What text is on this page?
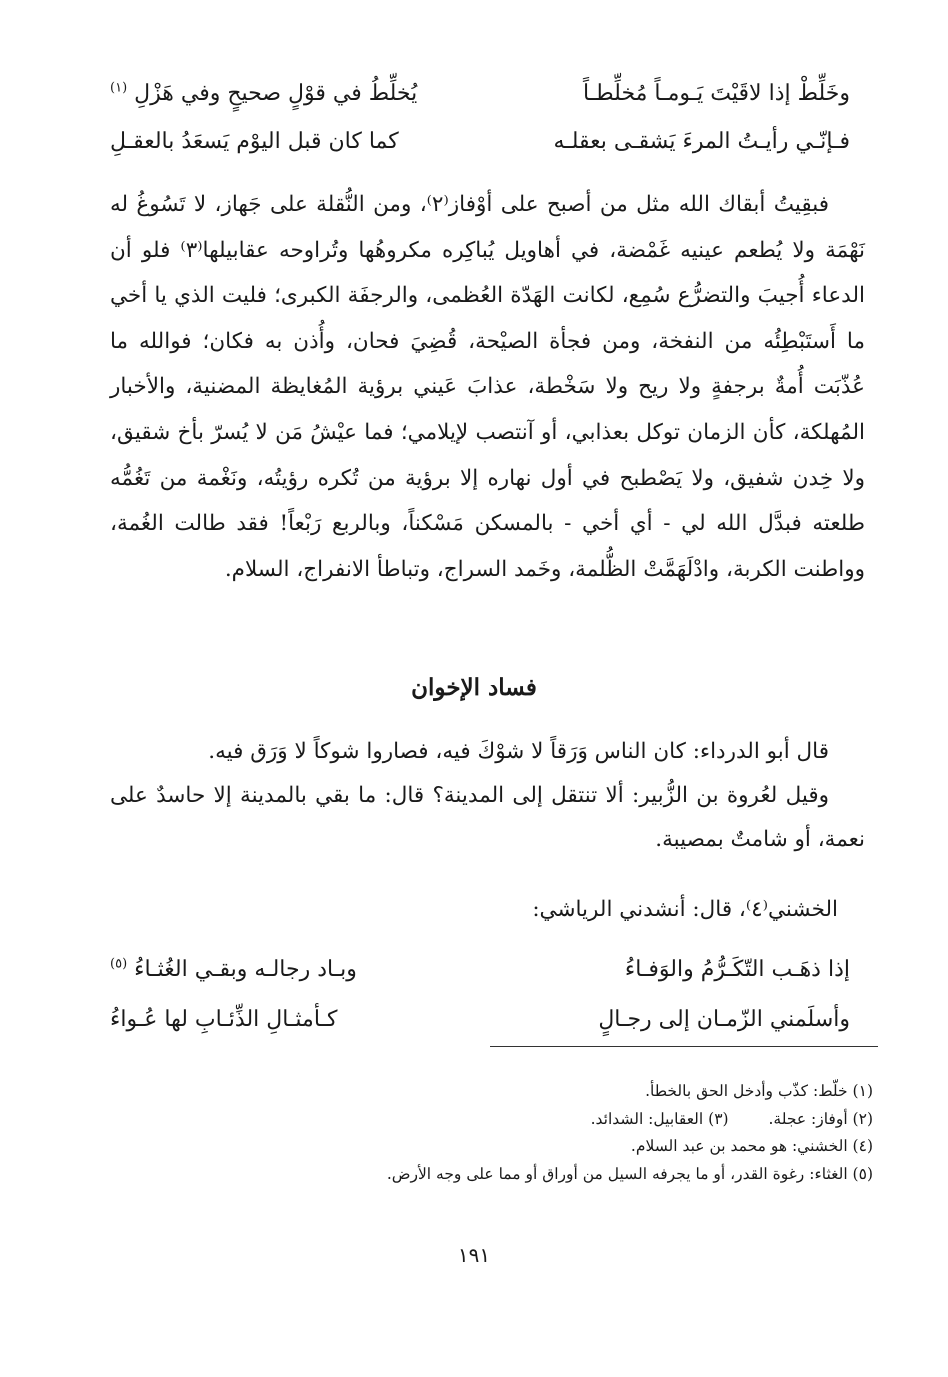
وخَلِّطْ إذا لاقَيْتَ يَـومـاً مُخلِّطـاً
يُخلِّطُ في قوْلٍ صحيحٍ وفي هَزْلِ $^{(١)}$
فـإنّـي رأيـتُ المرءَ يَشقـى بعقلـه
كما كان قبل اليوْم يَسعَدُ بالعقـلِ

فبقِيتُ أبقاك الله مثل من أصبح على أوْفاز⁽٢⁾، ومن النُّقلة على جَهاز، لا تَسُوغُ له نَهْمَة ولا يُطعم عينيه غَمْضة، في أهاويل يُباكِره مكروهُها وتُراوحه عقابيلها⁽٣⁾ فلو أن الدعاء أُجيبَ والتضرُّع سُمِع، لكانت الهَدّة العُظمى، والرجفَة الكبرى؛ فليت الذي يا أخي ما أَستَبْطِئُه من النفخة، ومن فجأة الصيْحة، قُضِيَ فحان، وأُذن به فكان؛ فوالله ما عُذّبَت أُمةٌ برجفةٍ ولا ريح ولا سَخْطة، عذابَ عَيني برؤية المُغايظة المضنية، والأخبار المُهلكة، كأن الزمان توكل بعذابي، أو آنتصب لإيلامي؛ فما عيْشُ مَن لا يُسرّ بأخ شقيق، ولا خِدن شفيق، ولا يَصْطبح في أول نهاره إلا برؤية من تُكره رؤيتُه، ونَغْمة من تَغُمُّه طلعته فبدَّل الله لي - أي أخي - بالمسكن مَسْكناً، وبالربع رَبْعاً! فقد طالت الغُمة، وواطنت الكربة، وادْلَهَمَّتْ الظُّلمة، وخَمد السراج، وتباطأ الانفراج، السلام.

فساد الإخوان

قال أبو الدرداء: كان الناس وَرَقاً لا شوْكَ فيه، فصاروا شوكاً لا وَرَق فيه.

وقيل لعُروة بن الزُّبير: ألا تنتقل إلى المدينة؟ قال: ما بقي بالمدينة إلا حاسدٌ على نعمة، أو شامتٌ بمصيبة.

الخشني⁽٤⁾، قال: أنشدني الرياشي:
إذا ذهَـب التّكَـرُّمُ والوَفـاءُ
وبـاد رجالـه وبقـي الغُثـاءُ $^{(٥)}$
وأسلَمني الزّمـان إلى رجـالٍ
كـأمثـالِ الذِّئـابِ لها عُـواءُ
(١) خلّط: كذّب وأدخل الحق بالخطأ.
(٢) أوفاز: عجلة.  (٣) العقابيل: الشدائد.
(٤) الخشني: هو محمد بن عبد السلام.
(٥) الغثاء: رغوة القدر، أو ما يجرفه السيل من أوراق أو مما على وجه الأرض.
١٩١
